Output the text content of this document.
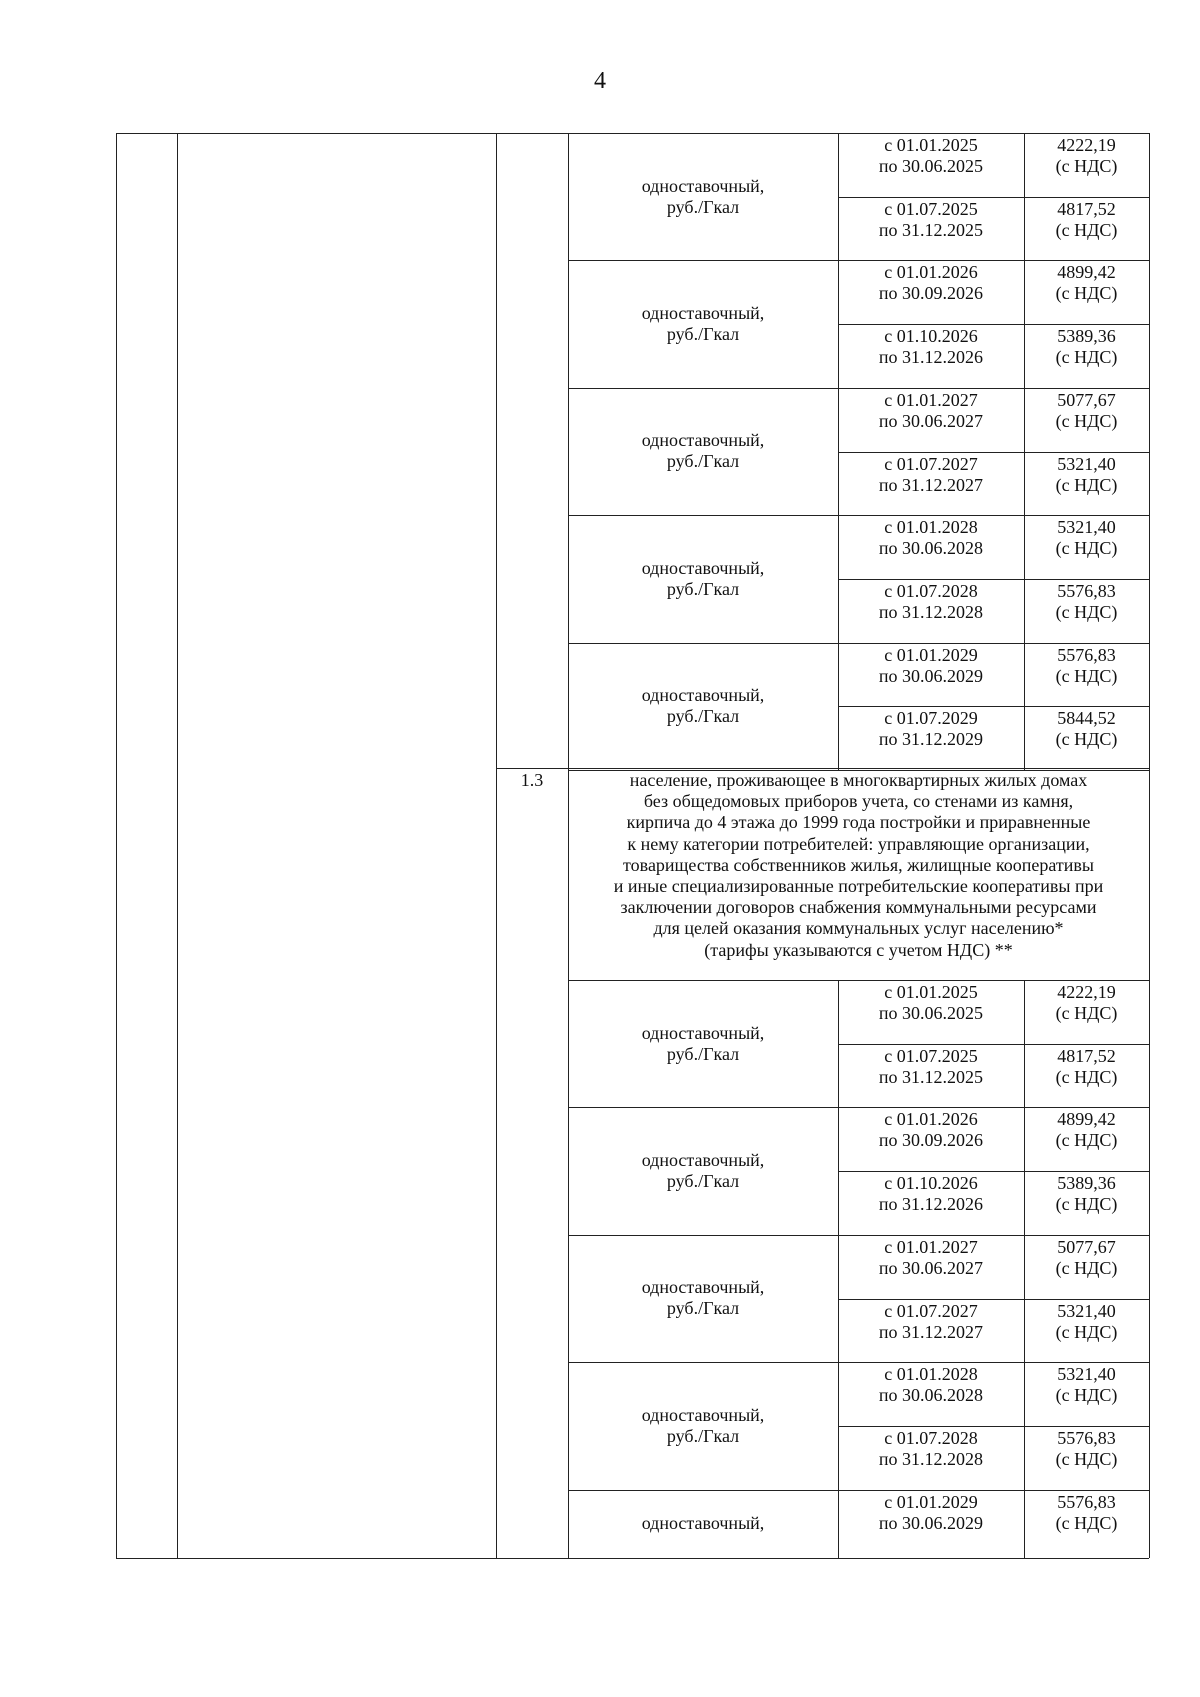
4
одноставочный,
руб./Гкал
с 01.01.2025
по 30.06.2025
4222,19
(с НДС)
с 01.07.2025
по 31.12.2025
4817,52
(с НДС)
одноставочный,
руб./Гкал
с 01.01.2026
по 30.09.2026
4899,42
(с НДС)
с 01.10.2026
по 31.12.2026
5389,36
(с НДС)
одноставочный,
руб./Гкал
с 01.01.2027
по 30.06.2027
5077,67
(с НДС)
с 01.07.2027
по 31.12.2027
5321,40
(с НДС)
одноставочный,
руб./Гкал
с 01.01.2028
по 30.06.2028
5321,40
(с НДС)
с 01.07.2028
по 31.12.2028
5576,83
(с НДС)
одноставочный,
руб./Гкал
с 01.01.2029
по 30.06.2029
5576,83
(с НДС)
с 01.07.2029
по 31.12.2029
5844,52
(с НДС)
1.3	население, проживающее в многоквартирных жилых домах
без общедомовых приборов учета, со стенами из камня,
кирпича до 4 этажа до 1999 года постройки и приравненные
к нему категории потребителей: управляющие организации,
товарищества собственников жилья, жилищные кооперативы
и иные специализированные потребительские кооперативы при
заключении договоров снабжения коммунальными ресурсами
для целей оказания коммунальных услуг населению*
(тарифы указываются с учетом НДС) **
одноставочный,
руб./Гкал
с 01.01.2025
по 30.06.2025
4222,19
(с НДС)
с 01.07.2025
по 31.12.2025
4817,52
(с НДС)
одноставочный,
руб./Гкал
с 01.01.2026
по 30.09.2026
4899,42
(с НДС)
с 01.10.2026
по 31.12.2026
5389,36
(с НДС)
одноставочный,
руб./Гкал
с 01.01.2027
по 30.06.2027
5077,67
(с НДС)
с 01.07.2027
по 31.12.2027
5321,40
(с НДС)
одноставочный,
руб./Гкал
с 01.01.2028
по 30.06.2028
5321,40
(с НДС)
с 01.07.2028
по 31.12.2028
5576,83
(с НДС)
одноставочный,
с 01.01.2029
по 30.06.2029
5576,83
(с НДС)
